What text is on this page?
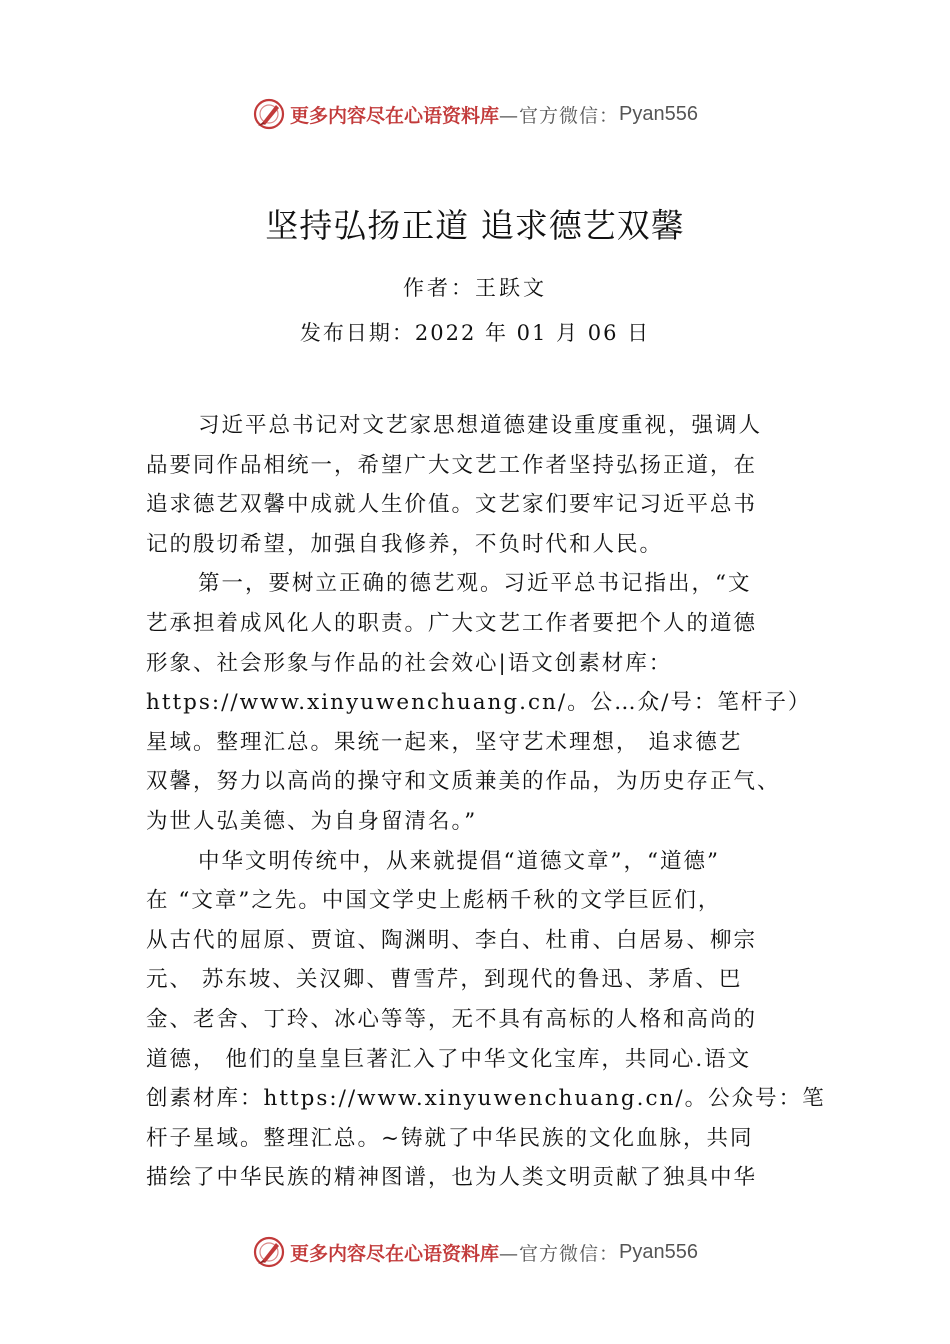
更多内容尽在心语资料库 —官方微信： Pyan556
坚持弘扬正道 追求德艺双馨
作者：王跃文
发布日期：2022 年 01 月 06 日
习近平总书记对文艺家思想道德建设重度重视，强调人
品要同作品相统一，希望广大文艺工作者坚持弘扬正道，在
追求德艺双馨中成就人生价值。文艺家们要牢记习近平总书
记的殷切希望，加强自我修养，不负时代和人民。
第一，要树立正确的德艺观。习近平总书记指出，“文
艺承担着成风化人的职责。广大文艺工作者要把个人的道德
形象、社会形象与作品的社会效心|语文创素材库：
https://www.xinyuwenchuang.cn/。公…众/号：笔杆子）
星域。整理汇总。果统一起来，坚守艺术理想， 追求德艺
双馨，努力以高尚的操守和文质兼美的作品，为历史存正气、
为世人弘美德、为自身留清名。”
中华文明传统中，从来就提倡“道德文章”，“道德”
在 “文章”之先。中国文学史上彪柄千秋的文学巨匠们，
从古代的屈原、贾谊、陶渊明、李白、杜甫、白居易、柳宗
元、 苏东坡、关汉卿、曹雪芹，到现代的鲁迅、茅盾、巴
金、老舍、丁玲、冰心等等，无不具有高标的人格和高尚的
道德， 他们的皇皇巨著汇入了中华文化宝库，共同心.语文
创素材库：https://www.xinyuwenchuang.cn/。公众号：笔
杆子星域。整理汇总。~铸就了中华民族的文化血脉，共同
描绘了中华民族的精神图谱，也为人类文明贡献了独具中华
更多内容尽在心语资料库 —官方微信： Pyan556
